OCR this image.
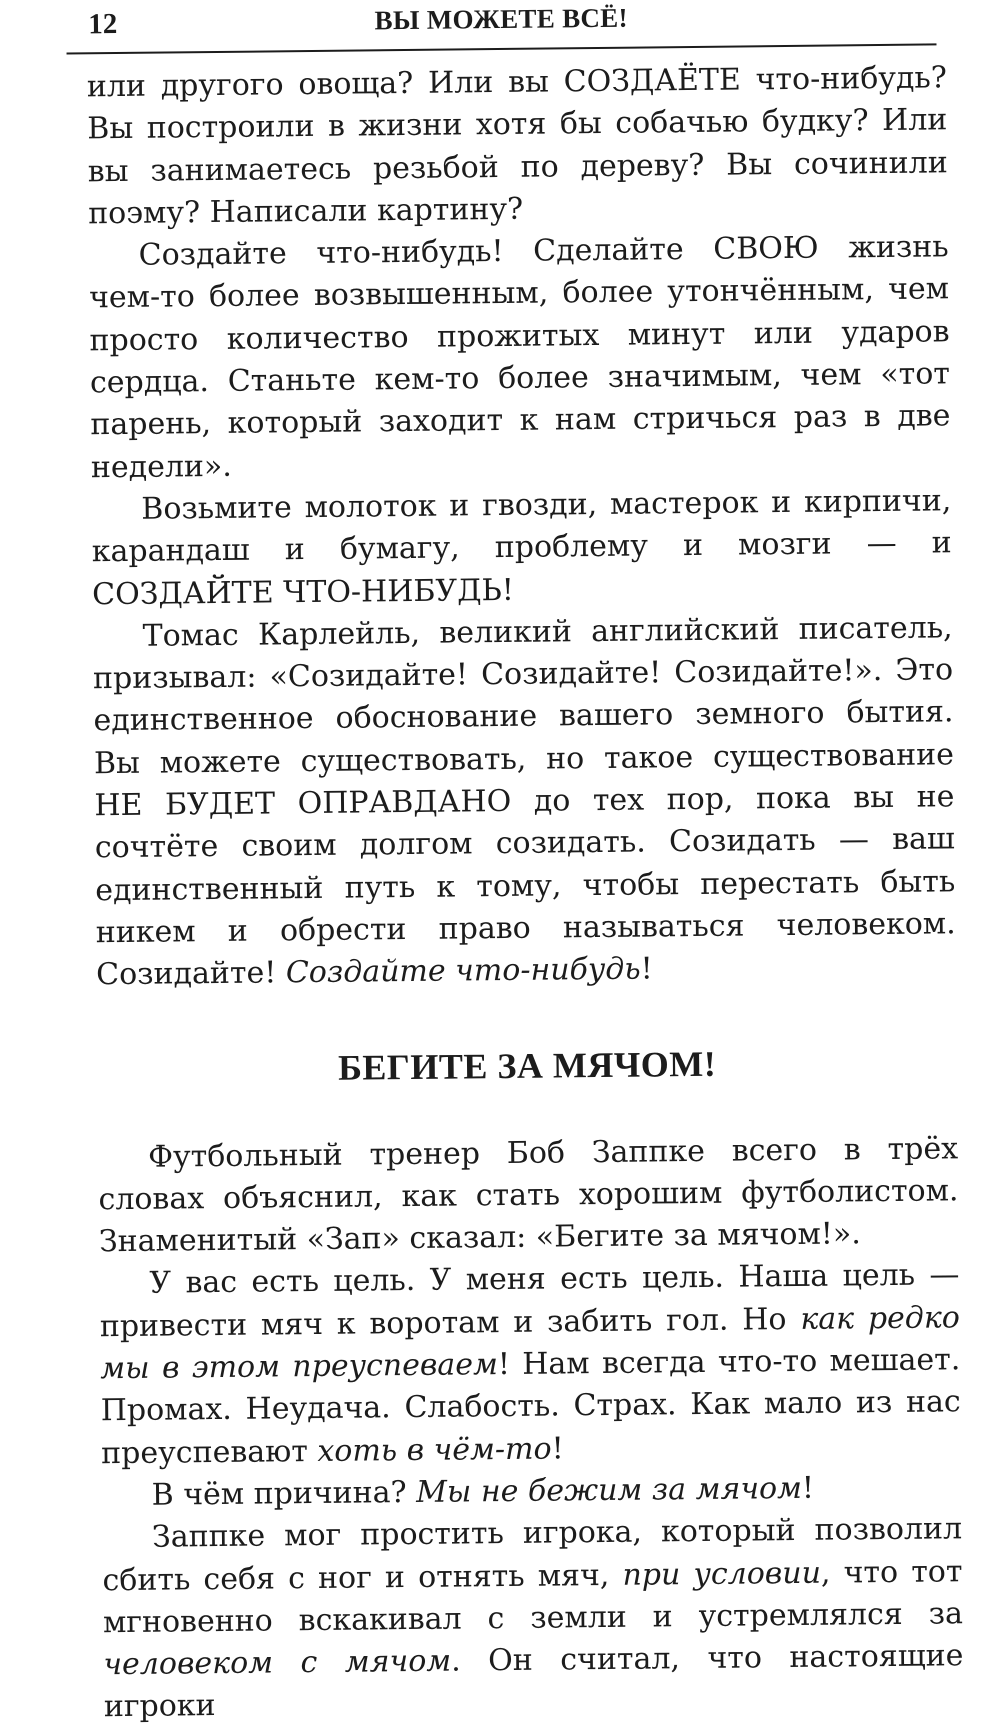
12	ВЫ МОЖЕТЕ ВСЁ!

или другого овоща? Или вы СОЗДАЁТЕ что-нибудь? Вы построили в жизни хотя бы собачью будку? Или вы занимаетесь резьбой по дереву? Вы сочинили поэму? Написали картину?

Создайте что-нибудь! Сделайте СВОЮ жизнь чем-то более возвышенным, более утончённым, чем просто количество прожитых минут или ударов сердца. Станьте кем-то более значимым, чем «тот парень, который заходит к нам стричься раз в две недели».

Возьмите молоток и гвозди, мастерок и кирпичи, карандаш и бумагу, проблему и мозги — и СОЗДАЙТЕ ЧТО-НИБУДЬ!

Томас Карлейль, великий английский писатель, призывал: «Созидайте! Созидайте! Созидайте!». Это единственное обоснование вашего земного бытия. Вы можете существовать, но такое существование НЕ БУДЕТ ОПРАВДАНО до тех пор, пока вы не сочтёте своим долгом созидать. Созидать — ваш единственный путь к тому, чтобы перестать быть никем и обрести право называться человеком. Созидайте! Создайте что-нибудь!

БЕГИТЕ ЗА МЯЧОМ!

Футбольный тренер Боб Заппке всего в трёх словах объяснил, как стать хорошим футболистом. Знаменитый «Зап» сказал: «Бегите за мячом!».

У вас есть цель. У меня есть цель. Наша цель — привести мяч к воротам и забить гол. Но как редко мы в этом преуспеваем! Нам всегда что-то мешает. Промах. Неудача. Слабость. Страх. Как мало из нас преуспевают хоть в чём-то!

В чём причина? Мы не бежим за мячом!

Заппке мог простить игрока, который позволил сбить себя с ног и отнять мяч, при условии, что тот мгновенно вскакивал с земли и устремлялся за человеком с мячом. Он считал, что настоящие игроки
